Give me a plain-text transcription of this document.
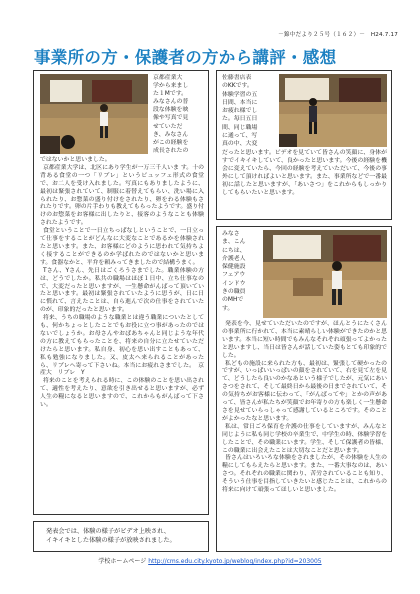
－錦中だより２５号（１６２）－　H24.7.17
事業所の方・保護者の方から講評・感想
京都産業大
学から来まし
た１Mです。
みなさんの普
段な体験を映
像や写真で見
せていただ
き、みなさん
がこの経験を
成長されたの

ではないかと思いました。

京都産業大学は、北区にあり学生が一万三千人いま す。十の背ある食堂の一つ「リブレ」というビュッフェ形式の食堂で、お二人を受け入れました。写真にもありましたように、最初は緊張されていて、制服に着替えてもらい、洗い場に入られたり、お惣菜の盛り付けをされたり、卵をわる体験もされたりです。卵の片手わりも教えてもらったようです。盛り付けのお惣菜をお客様に出したりと、接客のようなことも体験されたようです。

食堂ということで一日立ちっぱなしということで、一日立って仕事をすることがどんなに大変なことであるかを体験されたと思います。また、お客様にどのように思われて気持ちよく接することができるのか学ばれたのではないかと思います。食器なかと、平弁を頼みってきましたので結構うまく。

Tさん、Yさん、先日はごくろうさまでした。職業体験の方は、どうでしたか。私共の職場はほぼ１日中、立ち仕事なので、大変だったと思いますが、一生懸命がんばって頂いていたと思います。最初は緊張されていたように思うが、日に日に慣れて、言えたことは、自ら進んで次の仕事をされていたのが、印象的だったと思います。

将来、うちの職場のような職業とは違う職業についたとしても、何かちょっとしたことでもお役に立つ事があったのではないでしょうか。お母さんやおばあちゃんと同じような年代の方に教えてもらったことを、将来の自分に立たせていただけたらと思います。私自身、初心を思い出すこともあって、私も勉強になりました。又、皮太へ来られることがあったら、リブレへ寄って下さいね。本当にお疲れさまでした。　京産大　リブレ　Y

将来のことを考えられる時に、この体験のことを思い出されて、適性を考えたり、意欲を引き出せると思いますが、必ず人生の糧になると思いますので、これからもがんばって下さい。

発表会では、体験の様子がビデオ上映され、
イキイキとした体験の様子が放映されました。
佐藤書店表
のKKです。
体験学習の五
日間、本当に
お疲れ様でし
た。毎日五日
間、同じ職場
に通って、写
真の中、大変

だったと思います。ビデオを見ていて皆さんの笑顔に、身体がすでイキイキしていて、良かったと思います。今後の経験を機会に変えていたら、今回の経験を考えていただいて、今後の事外にして頂ければよいと思います。また、事業所などで一番最初に話したと思いますが、「あいさつ」をこれからもしっかりしてもらいたいと思います。

みなさ
ま、こん
にちは、
介護老人
保健施設
フェアウ
インドウ
きの職員
のMHで
す。

発表を今、見せていただいたのですが、ほんとうにたくさんの事業所に行かれて、本当に素晴らしい体験ができたのかと思います。本当に短い時間でもみんなそれぞれ頑張ってよかったと思いますし、当日は皆さんが話していた姿もとても印象的でした。

私どもの施設に来られた方も、最初は、緊張して硬かったのですが、いっぱいいっぱいの顔をされていて、右を見て左を見て、どうしたら良いのかなあという様子でしたが、元気にあいさつをされて、そして最終日から最後の日までされていて、その気持ちがお客様に伝わって、「がんばってや」とかの声があって、皆さんが私たちが笑顔でお年寄りの方も楽しく一生懸命さを見せていらっしゃって感謝しているところです。そのことがよかったなと思います。

私は、常日ごろ保育を介護の仕事をしていますが、みんなと同じように私も同じ学校の卒業生で、中学生の時、体験学習をしたことで、その職業にいます。学生、そして保護者の皆様、この職業に出会えたことは大切なことだと思います。

皆さんはいろいろな体験をされましたが、その体験を人生の糧にしてもらえたらと思います。また、一番大事なのは、あいさつ。それぞれの職業に関わり、苦労されていることも知り、そういう仕事を目指していきたいと感じたことは、これからの将来に向けて頑張ってほしいと思いました。

学校ホームページ http://cms.edu.city.kyoto.jp/weblog/index.php?id=203005
